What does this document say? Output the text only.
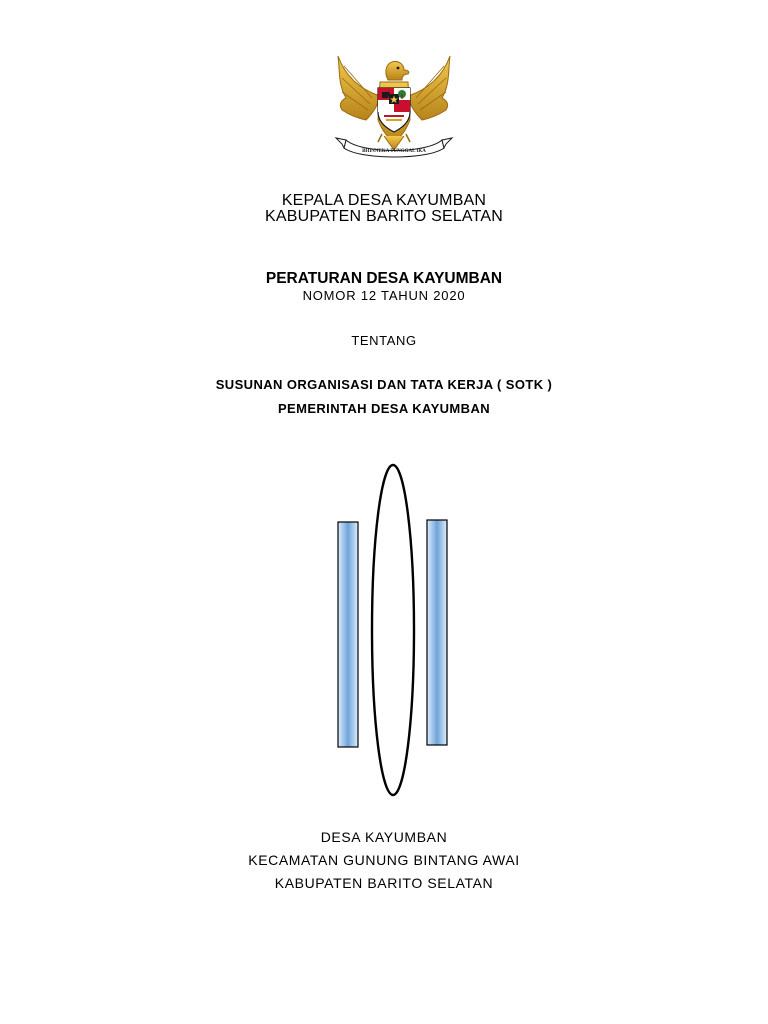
BHINNEKA TUNGGAL IKA
KEPALA DESA KAYUMBAN
KABUPATEN BARITO SELATAN
PERATURAN DESA KAYUMBAN
NOMOR 12 TAHUN 2020
TENTANG
SUSUNAN ORGANISASI DAN TATA KERJA ( SOTK )
PEMERINTAH DESA KAYUMBAN
DESA KAYUMBAN
KECAMATAN GUNUNG BINTANG AWAI
KABUPATEN BARITO SELATAN
